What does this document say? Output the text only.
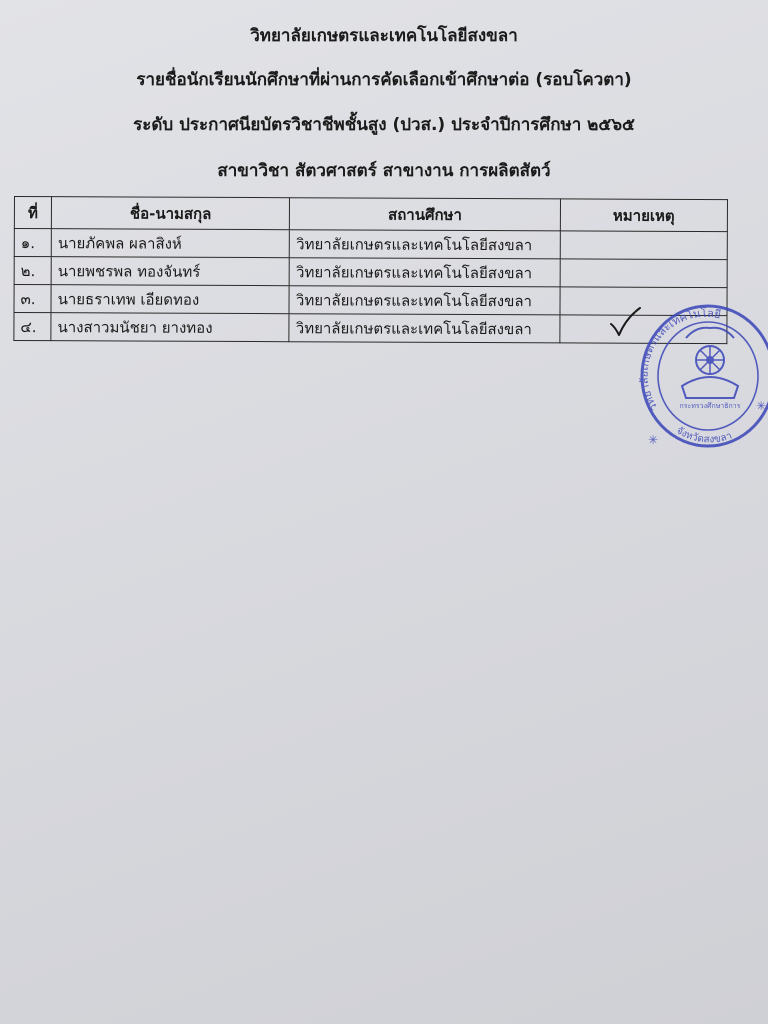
วิทยาลัยเกษตรและเทคโนโลยีสงขลา
รายชื่อนักเรียนนักศึกษาที่ผ่านการคัดเลือกเข้าศึกษาต่อ (รอบโควตา)
ระดับ ประกาศนียบัตรวิชาชีพชั้นสูง (ปวส.) ประจำปีการศึกษา ๒๕๖๕
สาขาวิชา สัตวศาสตร์ สาขางาน การผลิตสัตว์
ที่	ชื่อ-นามสกุล	สถานศึกษา	หมายเหตุ
๑.	นายภัคพล ผลาสิงห์	วิทยาลัยเกษตรและเทคโนโลยีสงขลา	
๒.	นายพชรพล ทองจันทร์	วิทยาลัยเกษตรและเทคโนโลยีสงขลา	
๓.	นายธราเทพ เอียดทอง	วิทยาลัยเกษตรและเทคโนโลยีสงขลา	
๔.	นางสาวมนัชยา ยางทอง	วิทยาลัยเกษตรและเทคโนโลยีสงขลา	
วิทยาลัยเกษตรและเทคโนโลยี
จังหวัดสงขลา
กระทรวงศึกษาธิการ
✳
✳
